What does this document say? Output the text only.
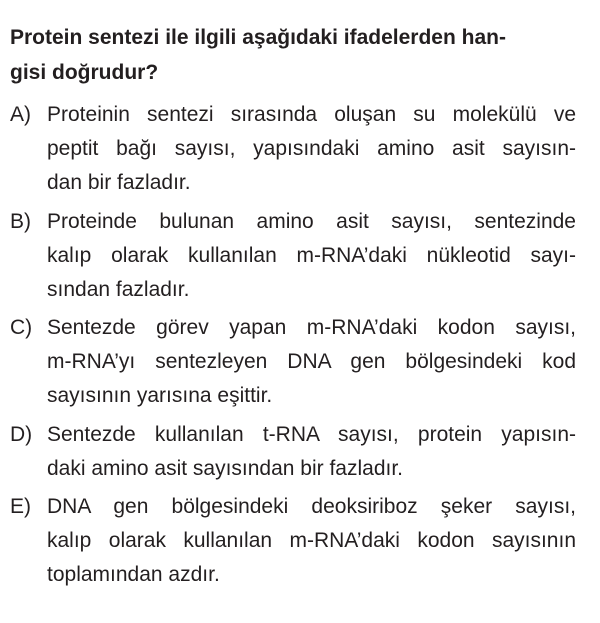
Protein sentezi ile ilgili aşağıdaki ifadelerden han-
gisi doğrudur?
A) Proteinin sentezi sırasında oluşan su molekülü ve
peptit bağı sayısı, yapısındaki amino asit sayısın-
dan bir fazladır.
B) Proteinde bulunan amino asit sayısı, sentezinde
kalıp olarak kullanılan m-RNA’daki nükleotid sayı-
sından fazladır.
C) Sentezde görev yapan m-RNA’daki kodon sayısı,
m-RNA’yı sentezleyen DNA gen bölgesindeki kod
sayısının yarısına eşittir.
D) Sentezde kullanılan t-RNA sayısı, protein yapısın-
daki amino asit sayısından bir fazladır.
E) DNA gen bölgesindeki deoksiriboz şeker sayısı,
kalıp olarak kullanılan m-RNA’daki kodon sayısının
toplamından azdır.
